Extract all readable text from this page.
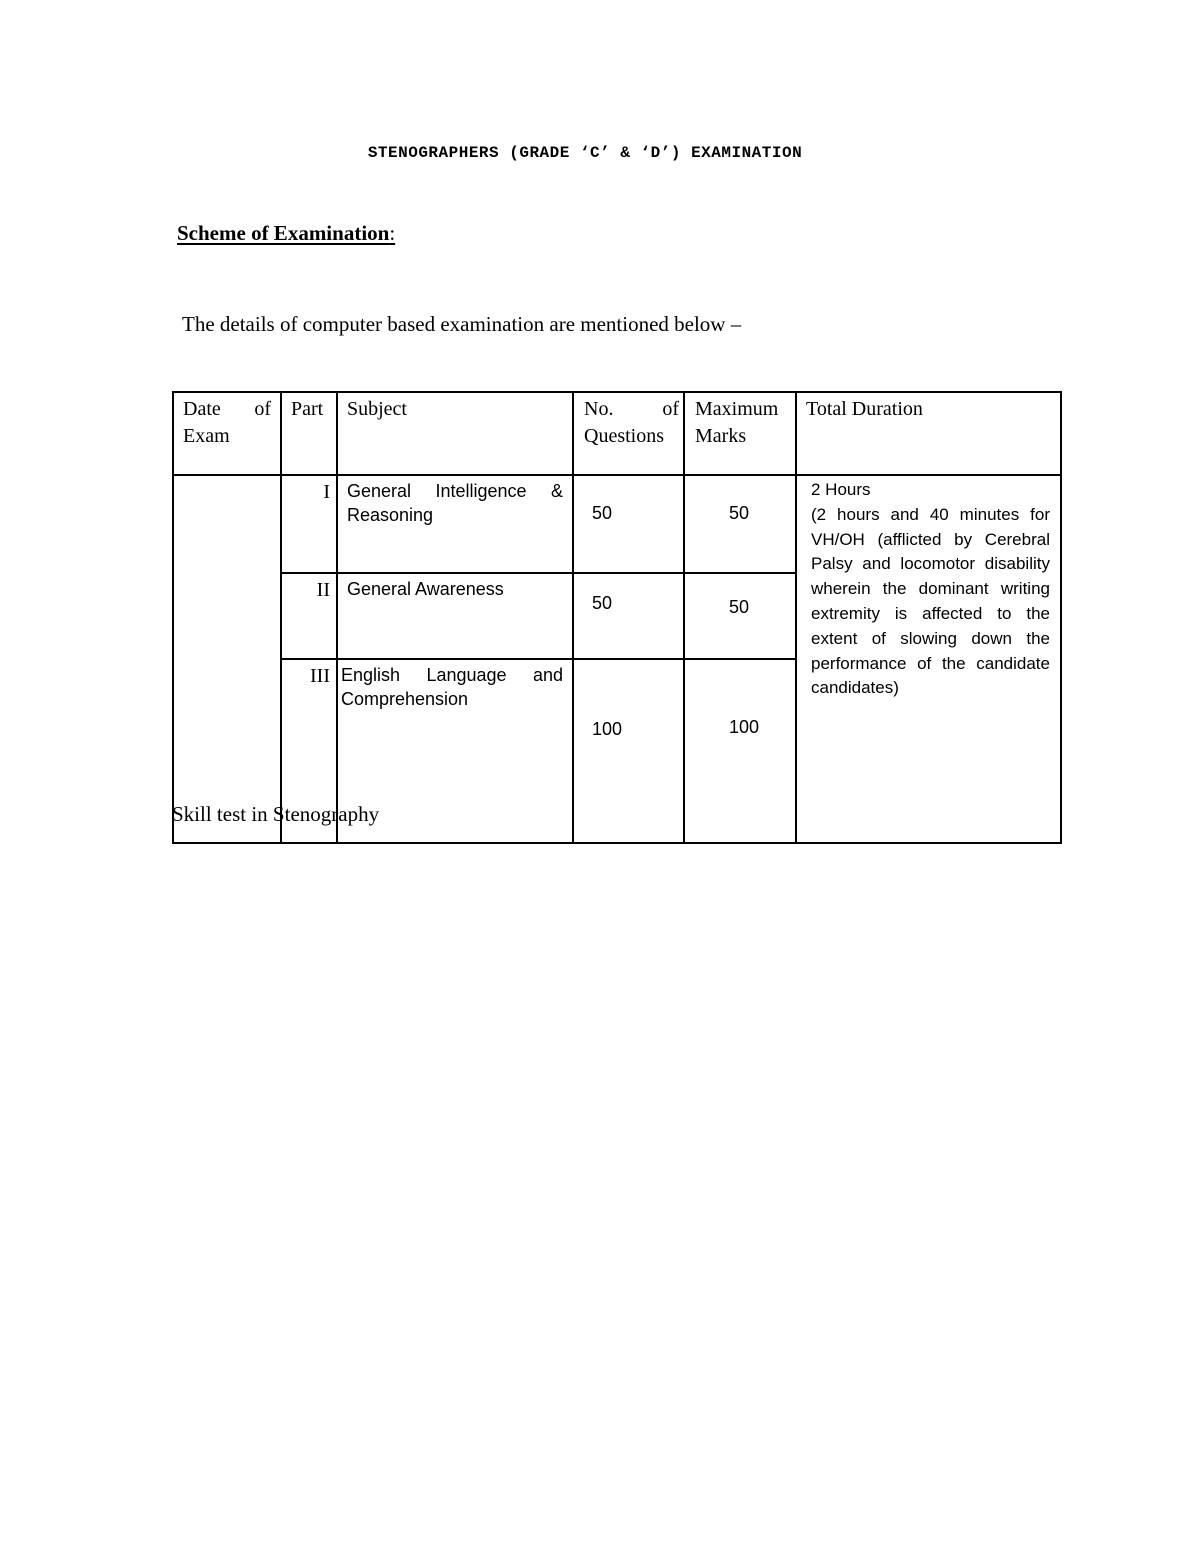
STENOGRAPHERS (GRADE ‘C’ & ‘D’) EXAMINATION
Scheme of Examination:
The details of computer based examination are mentioned below –
Date of Exam	Part	Subject	No. of Questions	Maximum Marks	Total Duration
	I	General Intelligence & Reasoning	50	50	2 Hours
(2 hours and 40 minutes for VH/OH (afflicted by Cerebral Palsy and locomotor disability wherein the dominant writing extremity is affected to the extent of slowing down the performance of the candidate candidates)

	II	General Awareness	50	50	
	III	English Language and Comprehension	100	100	
Skill test in Stenography
